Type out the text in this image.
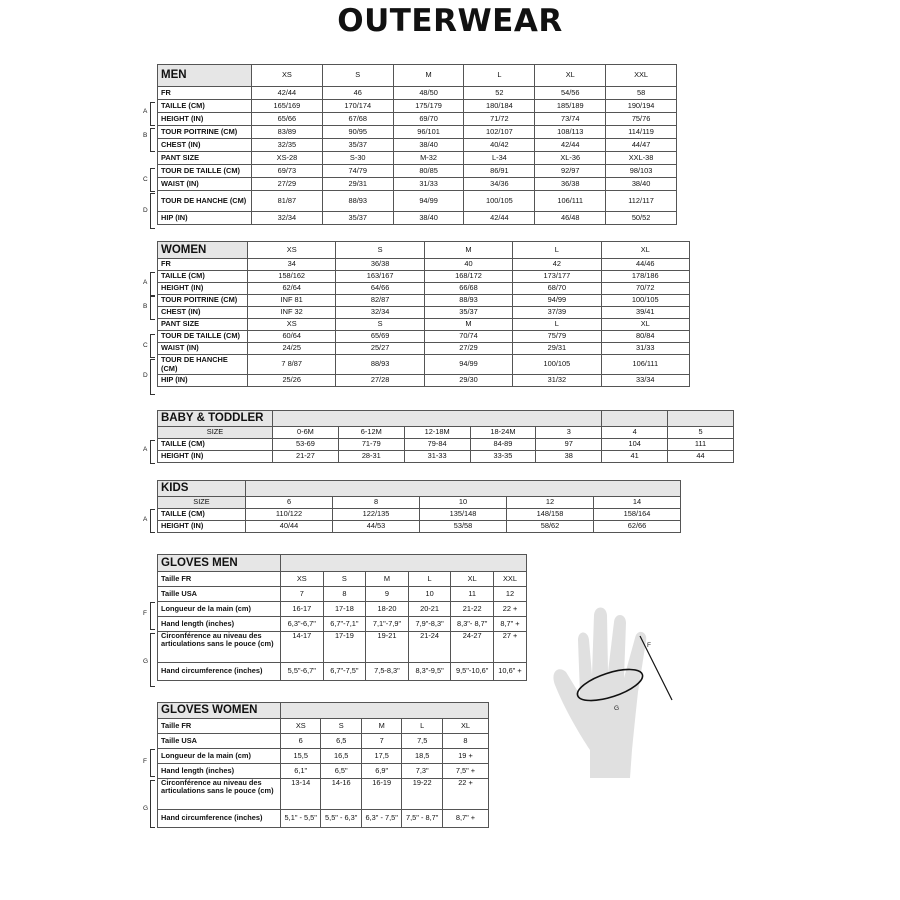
OUTERWEAR
MEN	XS	S	M	L	XL	XXL
FR	42/44	46	48/50	52	54/56	58
TAILLE (CM)	165/169	170/174	175/179	180/184	185/189	190/194
HEIGHT (IN)	65/66	67/68	69/70	71/72	73/74	75/76
TOUR POITRINE (CM)	83/89	90/95	96/101	102/107	108/113	114/119
CHEST (IN)	32/35	35/37	38/40	40/42	42/44	44/47
PANT SIZE	XS-28	S-30	M-32	L-34	XL-36	XXL-38
TOUR DE TAILLE (CM)	69/73	74/79	80/85	86/91	92/97	98/103
WAIST (IN)	27/29	29/31	31/33	34/36	36/38	38/40
TOUR DE HANCHE (CM)	81/87	88/93	94/99	100/105	106/111	112/117
HIP (IN)	32/34	35/37	38/40	42/44	46/48	50/52
A
B
C
D
WOMEN	XS	S	M	L	XL
FR	34	36/38	40	42	44/46
TAILLE (CM)	158/162	163/167	168/172	173/177	178/186
HEIGHT (IN)	62/64	64/66	66/68	68/70	70/72
TOUR POITRINE (CM)	INF 81	82/87	88/93	94/99	100/105
CHEST (IN)	INF 32	32/34	35/37	37/39	39/41
PANT SIZE	XS	S	M	L	XL
TOUR DE TAILLE (CM)	60/64	65/69	70/74	75/79	80/84
WAIST (IN)	24/25	25/27	27/29	29/31	31/33
TOUR DE HANCHE (CM)	7 8/87	88/93	94/99	100/105	106/111
HIP (IN)	25/26	27/28	29/30	31/32	33/34
A
B
C
D
BABY & TODDLER							
SIZE	0-6M	6-12M	12-18M	18-24M	3	4	5
TAILLE (CM)	53-69	71-79	79-84	84-89	97	104	111
HEIGHT (IN)	21-27	28-31	31-33	33-35	38	41	44
A
KIDS					
SIZE	6	8	10	12	14
TAILLE (CM)	110/122	122/135	135/148	148/158	158/164
HEIGHT (IN)	40/44	44/53	53/58	58/62	62/66
A
GLOVES MEN						
Taille FR	XS	S	M	L	XL	XXL
Taille USA	7	8	9	10	11	12
Longueur de la main (cm)	16-17	17-18	18-20	20-21	21-22	22 +
Hand length (inches)	6,3"-6,7"	6,7"-7,1"	7,1"-7,9"	7,9"-8,3"	8,3"- 8,7"	8,7" +
Circonférence au niveau des articulations sans le pouce (cm)	14-17	17-19	19-21	21-24	24-27	27 +
Hand circumference (inches)	5,5"-6,7"	6,7"-7,5"	7,5-8,3"	8,3"-9,5"	9,5"-10,6"	10,6" +
F
G
GLOVES WOMEN					
Taille FR	XS	S	M	L	XL
Taille USA	6	6,5	7	7,5	8
Longueur de la main (cm)	15,5	16,5	17,5	18,5	19 +
Hand length (inches)	6,1"	6,5"	6,9"	7,3"	7,5" +
Circonférence au niveau des articulations sans le pouce (cm)	13-14	14-16	16-19	19-22	22 +
Hand circumference (inches)	5,1" - 5,5"	5,5" - 6,3"	6,3" - 7,5"	7,5" - 8,7"	8,7" +
F
G
F
G
